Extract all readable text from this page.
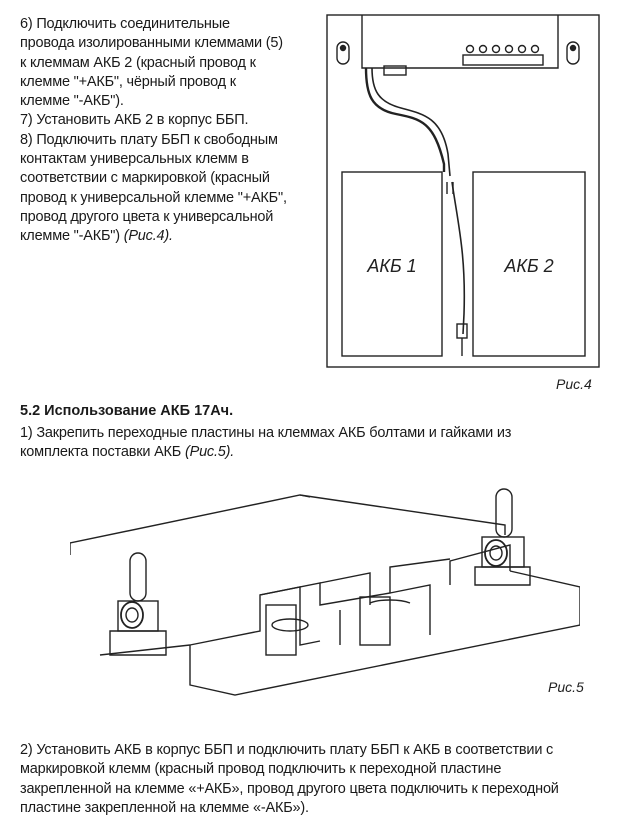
6) Подключить соединительные
провода изолированными клеммами (5)
к клеммам АКБ 2 (красный провод к
клемме "+АКБ", чёрный провод к
клемме "-АКБ").
7) Установить АКБ 2 в корпус ББП.
8) Подключить плату ББП к свободным
контактам универсальных клемм в
соответствии с маркировкой (красный
провод к универсальной клемме "+АКБ",
провод другого цвета к универсальной
клемме "-АКБ") (Рис.4).
АКБ 1	АКБ 2
Рис.4
5.2 Использование АКБ 17Ач.
1) Закрепить переходные пластины на клеммах АКБ болтами и гайками из
комплекта поставки АКБ (Рис.5).
Рис.5
2) Установить АКБ в корпус ББП и подключить плату ББП к АКБ в соответствии с
маркировкой клемм (красный провод подключить к переходной пластине
закрепленной на клемме «+АКБ», провод другого цвета подключить к переходной
пластине закрепленной на клемме «-АКБ»).
